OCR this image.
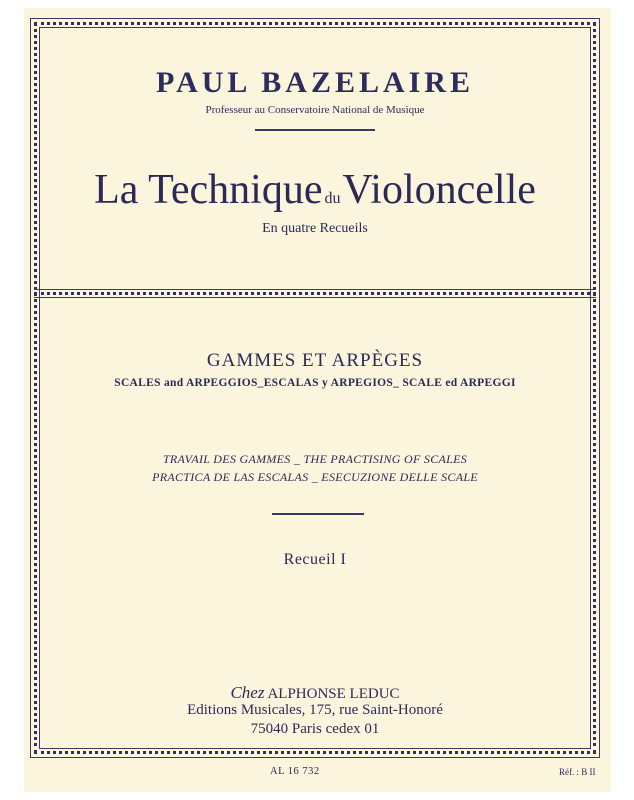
PAUL BAZELAIRE
Professeur au Conservatoire National de Musique
La Technique duVioloncelle
En quatre Recueils
GAMMES ET ARPÈGES
SCALES and ARPEGGIOS_ESCALAS y ARPEGIOS_ SCALE ed ARPEGGI
TRAVAIL DES GAMMES _ THE PRACTISING OF SCALES
PRACTICA DE LAS ESCALAS _ ESECUZIONE DELLE SCALE
Recueil I
Chez ALPHONSE LEDUC
Editions Musicales, 175, rue Saint-Honoré
75040 Paris cedex 01
AL 16 732	Réf. : B II
